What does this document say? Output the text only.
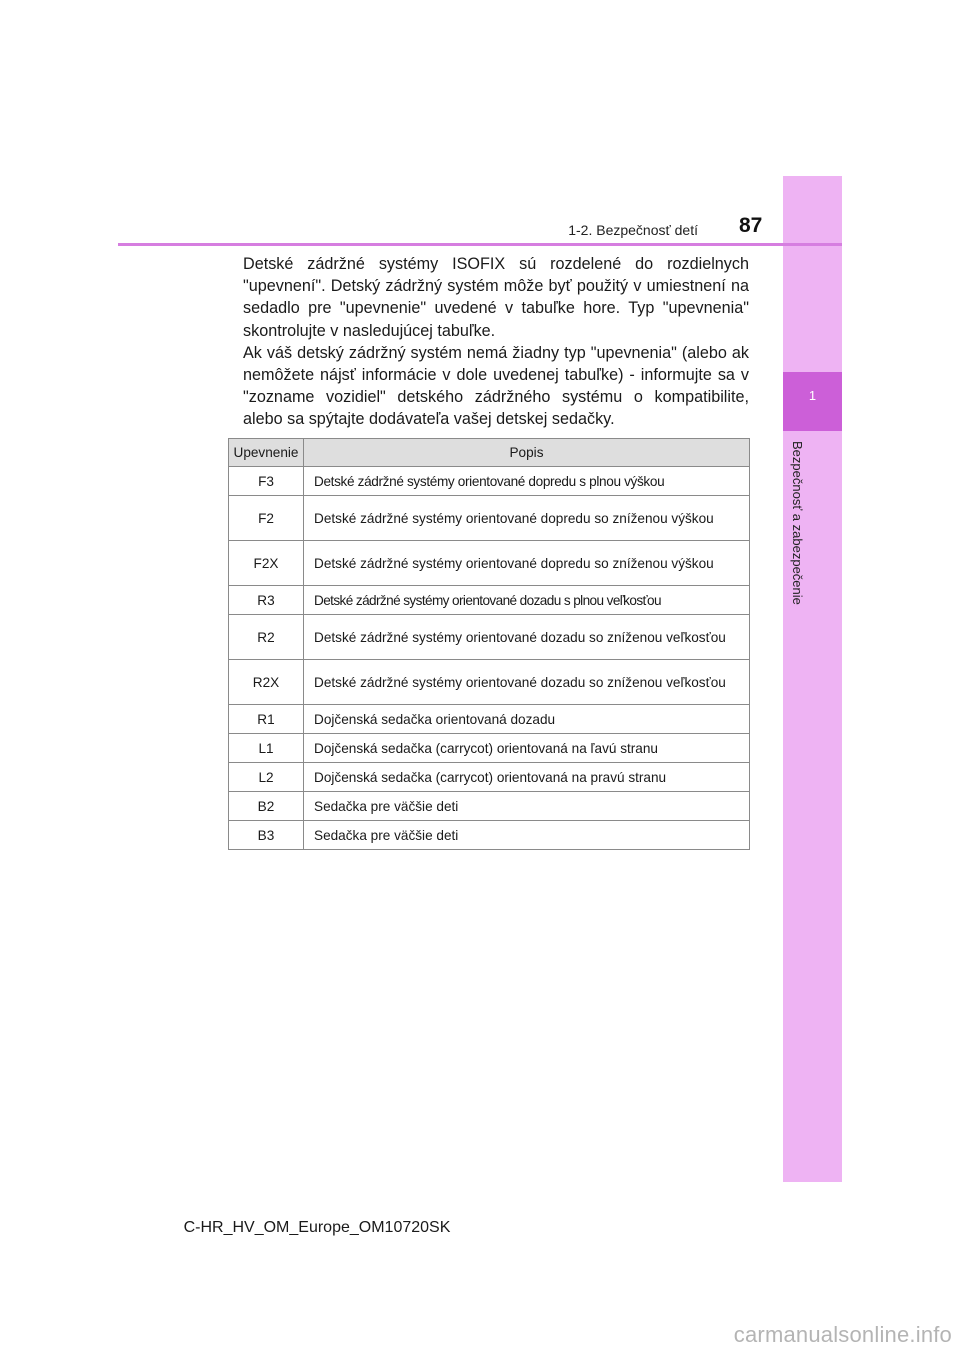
1
Bezpečnosť a zabezpečenie
1-2. Bezpečnosť detí 87

Detské zádržné systémy ISOFIX sú rozdelené do rozdielnych "upevnení". Detský zádržný systém môže byť použitý v umiestnení na sedadlo pre "upevnenie" uvedené v tabuľke hore. Typ "upevnenia" skontrolujte v nasledujúcej tabuľke.

Ak váš detský zádržný systém nemá žiadny typ "upevnenia" (alebo ak nemôžete nájsť informácie v dole uvedenej tabuľke) - informujte sa v "zozname vozidiel" detského zádržného systému o kompatibilite, alebo sa spýtajte dodávateľa vašej detskej sedačky.

Upevnenie	Popis
F3	Detské zádržné systémy orientované dopredu s plnou výškou
F2	Detské zádržné systémy orientované dopredu so zníženou výškou
F2X	Detské zádržné systémy orientované dopredu so zníženou výškou
R3	Detské zádržné systémy orientované dozadu s plnou veľkosťou
R2	Detské zádržné systémy orientované dozadu so zníženou veľkosťou
R2X	Detské zádržné systémy orientované dozadu so zníženou veľkosťou
R1	Dojčenská sedačka orientovaná dozadu
L1	Dojčenská sedačka (carrycot) orientovaná na ľavú stranu
L2	Dojčenská sedačka (carrycot) orientovaná na pravú stranu
B2	Sedačka pre väčšie deti
B3	Sedačka pre väčšie deti
C-HR_HV_OM_Europe_OM10720SK
carmanualsonline.info
